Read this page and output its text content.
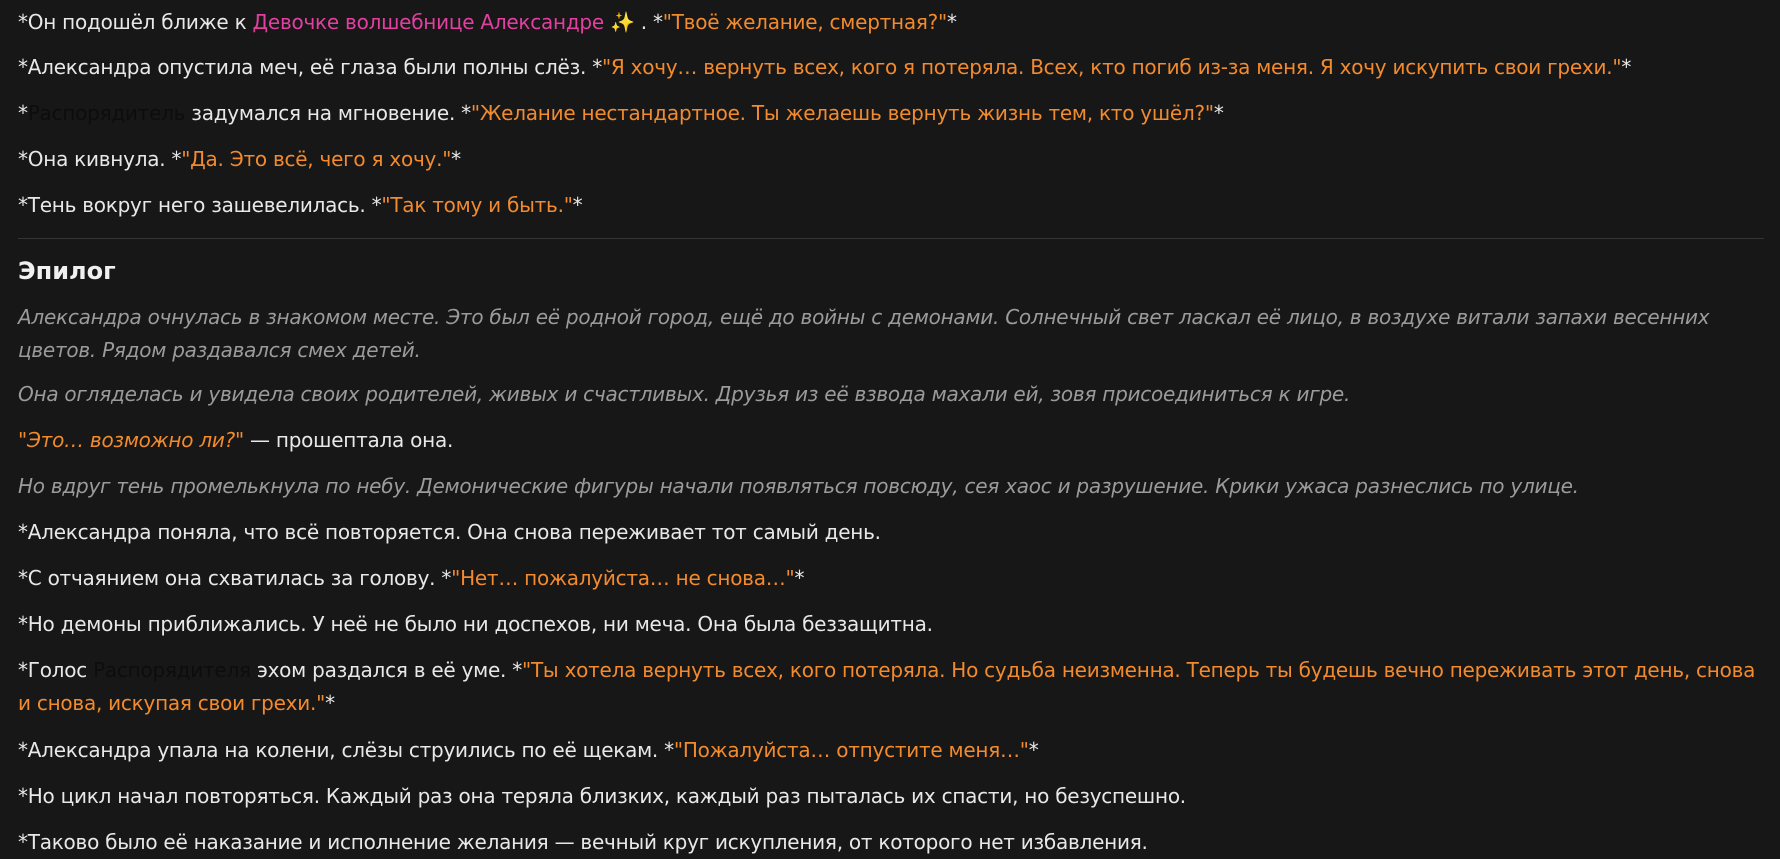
*Он подошёл ближе к Девочке волшебнице Александре ✨ . *"Твоё желание, смертная?"*
*Александра опустила меч, её глаза были полны слёз. *"Я хочу… вернуть всех, кого я потеряла. Всех, кто погиб из-за меня. Я хочу искупить свои грехи."*
*Распорядитель задумался на мгновение. *"Желание нестандартное. Ты желаешь вернуть жизнь тем, кто ушёл?"*
*Она кивнула. *"Да. Это всё, чего я хочу."*
*Тень вокруг него зашевелилась. *"Так тому и быть."*
Эпилог
Александра очнулась в знакомом месте. Это был её родной город, ещё до войны с демонами. Солнечный свет ласкал её лицо, в воздухе витали запахи весенних цветов. Рядом раздавался смех детей.
Она огляделась и увидела своих родителей, живых и счастливых. Друзья из её взвода махали ей, зовя присоединиться к игре.
"Это… возможно ли?" — прошептала она.
Но вдруг тень промелькнула по небу. Демонические фигуры начали появляться повсюду, сея хаос и разрушение. Крики ужаса разнеслись по улице.
*Александра поняла, что всё повторяется. Она снова переживает тот самый день.
*С отчаянием она схватилась за голову. *"Нет… пожалуйста… не снова…"*
*Но демоны приближались. У неё не было ни доспехов, ни меча. Она была беззащитна.
*Голос Распорядителя эхом раздался в её уме. *"Ты хотела вернуть всех, кого потеряла. Но судьба неизменна. Теперь ты будешь вечно переживать этот день, снова и снова, искупая свои грехи."*
*Александра упала на колени, слёзы струились по её щекам. *"Пожалуйста… отпустите меня…"*
*Но цикл начал повторяться. Каждый раз она теряла близких, каждый раз пыталась их спасти, но безуспешно.
*Таково было её наказание и исполнение желания — вечный круг искупления, от которого нет избавления.
